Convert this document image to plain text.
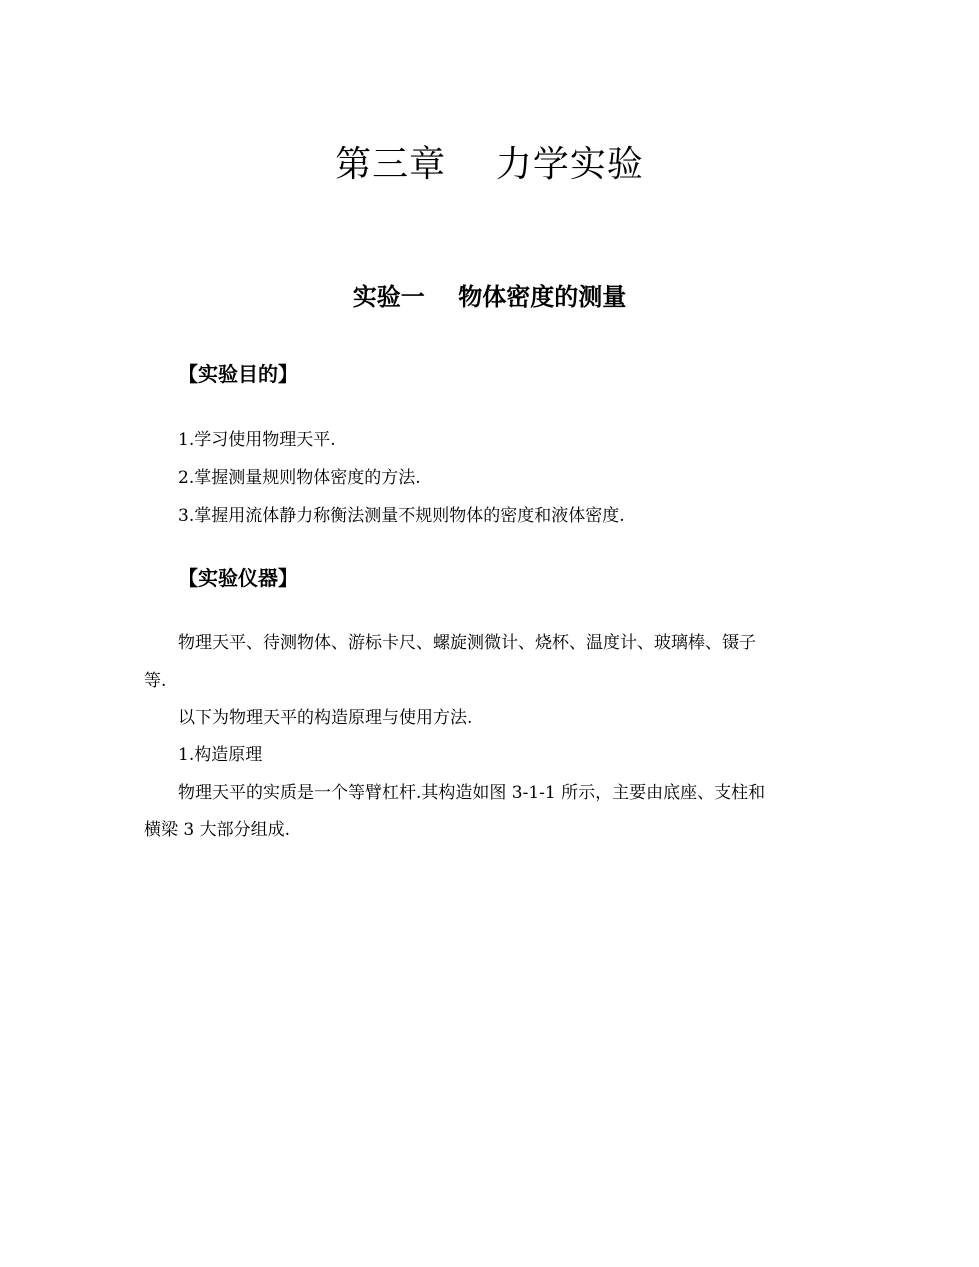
第三章    力学实验
实验一    物体密度的测量
【实验目的】
1.学习使用物理天平.
2.掌握测量规则物体密度的方法.
3.掌握用流体静力称衡法测量不规则物体的密度和液体密度.
【实验仪器】
物理天平、待测物体、游标卡尺、螺旋测微计、烧杯、温度计、玻璃棒、镊子
等.
以下为物理天平的构造原理与使用方法.
1.构造原理
物理天平的实质是一个等臂杠杆.其构造如图 3-1-1 所示，主要由底座、支柱和
横梁 3 大部分组成.
